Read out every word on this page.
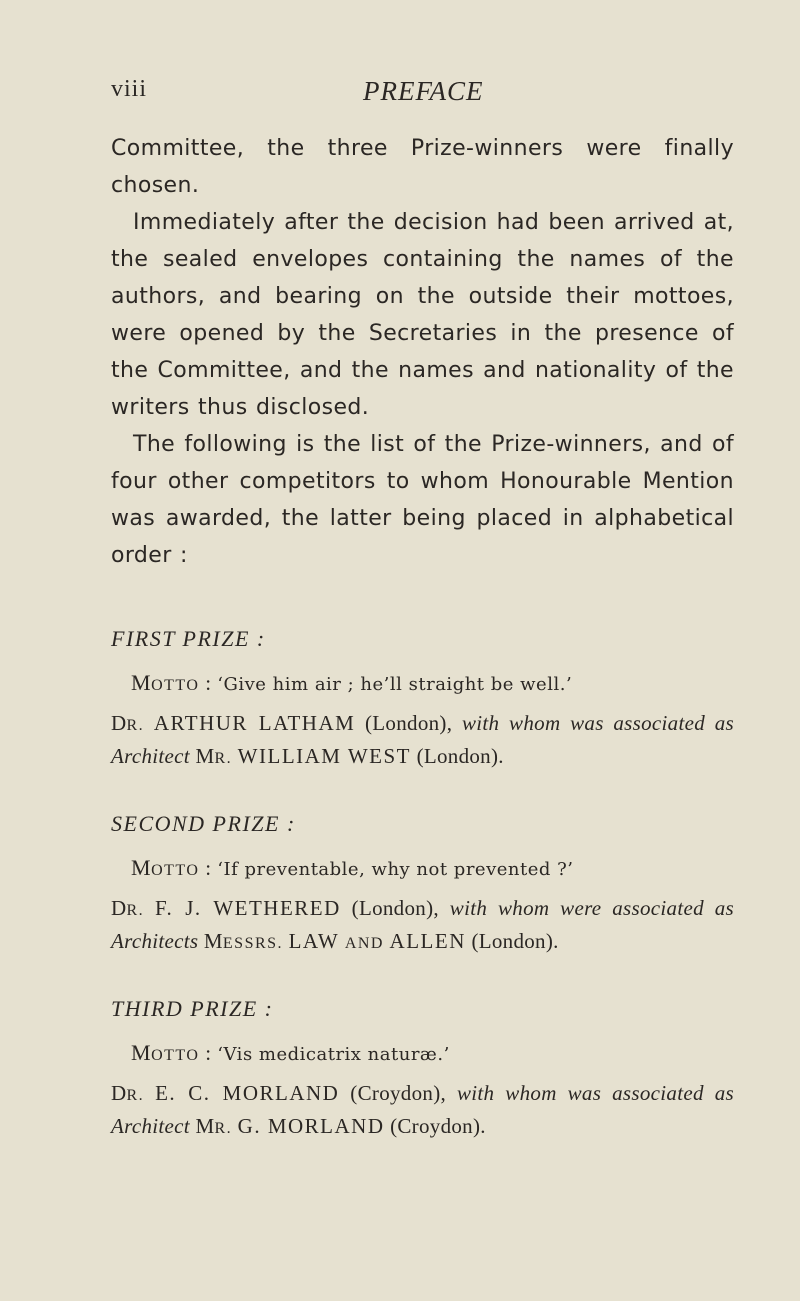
viii	PREFACE

Committee, the three Prize-winners were finally chosen.

Immediately after the decision had been arrived at, the sealed envelopes containing the names of the authors, and bearing on the outside their mottoes, were opened by the Secretaries in the presence of the Committee, and the names and nationality of the writers thus disclosed.

The following is the list of the Prize-winners, and of four other competitors to whom Honourable Mention was awarded, the latter being placed in alphabetical order :

FIRST PRIZE :
MOTTO : ‘Give him air ; he’ll straight be well.’
DR. ARTHUR LATHAM (London), with whom was associated as Architect MR. WILLIAM WEST (London).
SECOND PRIZE :
MOTTO : ‘If preventable, why not prevented ?’
DR. F. J. WETHERED (London), with whom were associated as Architects MESSRS. LAW AND ALLEN (London).
THIRD PRIZE :
MOTTO : ‘Vis medicatrix naturæ.’
DR. E. C. MORLAND (Croydon), with whom was associated as Architect MR. G. MORLAND (Croydon).
